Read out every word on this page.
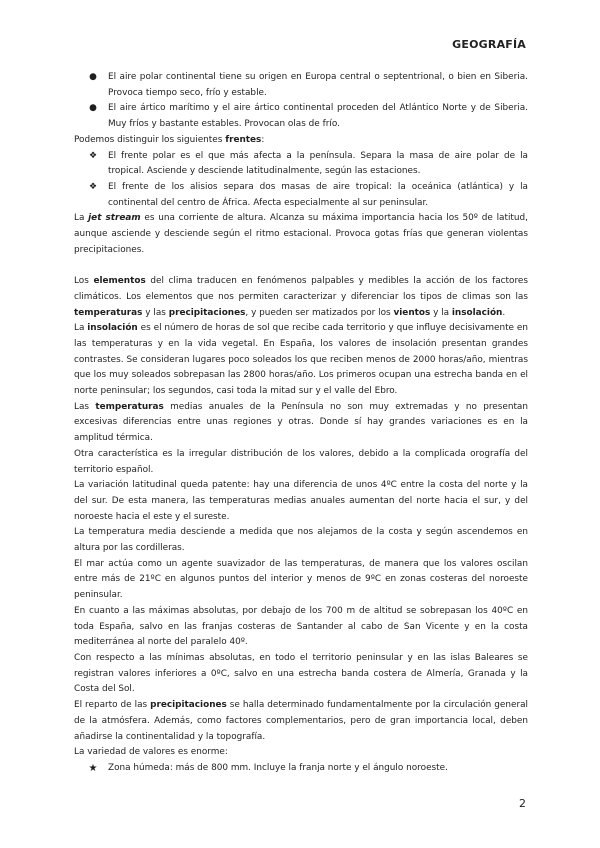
GEOGRAFÍA
● El aire polar continental tiene su origen en Europa central o septentrional, o bien en Siberia. Provoca tiempo seco, frío y estable.
● El aire ártico marítimo y el aire ártico continental proceden del Atlántico Norte y de Siberia. Muy fríos y bastante estables. Provocan olas de frío.

Podemos distinguir los siguientes frentes:

❖ El frente polar es el que más afecta a la península. Separa la masa de aire polar de la tropical. Asciende y desciende latitudinalmente, según las estaciones.
❖ El frente de los alisios separa dos masas de aire tropical: la oceánica (atlántica) y la continental del centro de África. Afecta especialmente al sur peninsular.

La jet stream es una corriente de altura. Alcanza su máxima importancia hacia los 50º de latitud, aunque asciende y desciende según el ritmo estacional. Provoca gotas frías que generan violentas precipitaciones.

Los elementos del clima traducen en fenómenos palpables y medibles la acción de los factores climáticos. Los elementos que nos permiten caracterizar y diferenciar los tipos de climas son las temperaturas y las precipitaciones, y pueden ser matizados por los vientos y la insolación.

La insolación es el número de horas de sol que recibe cada territorio y que influye decisivamente en las temperaturas y en la vida vegetal. En España, los valores de insolación presentan grandes contrastes. Se consideran lugares poco soleados los que reciben menos de 2000 horas/año, mientras que los muy soleados sobrepasan las 2800 horas/año. Los primeros ocupan una estrecha banda en el norte peninsular; los segundos, casi toda la mitad sur y el valle del Ebro.

Las temperaturas medias anuales de la Península no son muy extremadas y no presentan excesivas diferencias entre unas regiones y otras. Donde sí hay grandes variaciones es en la amplitud térmica.

Otra característica es la irregular distribución de los valores, debido a la complicada orografía del territorio español.

La variación latitudinal queda patente: hay una diferencia de unos 4ºC entre la costa del norte y la del sur. De esta manera, las temperaturas medias anuales aumentan del norte hacia el sur, y del noroeste hacia el este y el sureste.

La temperatura media desciende a medida que nos alejamos de la costa y según ascendemos en altura por las cordilleras.

El mar actúa como un agente suavizador de las temperaturas, de manera que los valores oscilan entre más de 21ºC en algunos puntos del interior y menos de 9ºC en zonas costeras del noroeste peninsular.

En cuanto a las máximas absolutas, por debajo de los 700 m de altitud se sobrepasan los 40ºC en toda España, salvo en las franjas costeras de Santander al cabo de San Vicente y en la costa mediterránea al norte del paralelo 40º.

Con respecto a las mínimas absolutas, en todo el territorio peninsular y en las islas Baleares se registran valores inferiores a 0ºC, salvo en una estrecha banda costera de Almería, Granada y la Costa del Sol.

El reparto de las precipitaciones se halla determinado fundamentalmente por la circulación general de la atmósfera. Además, como factores complementarios, pero de gran importancia local, deben añadirse la continentalidad y la topografía.

La variedad de valores es enorme:

★ Zona húmeda: más de 800 mm. Incluye la franja norte y el ángulo noroeste.
2
